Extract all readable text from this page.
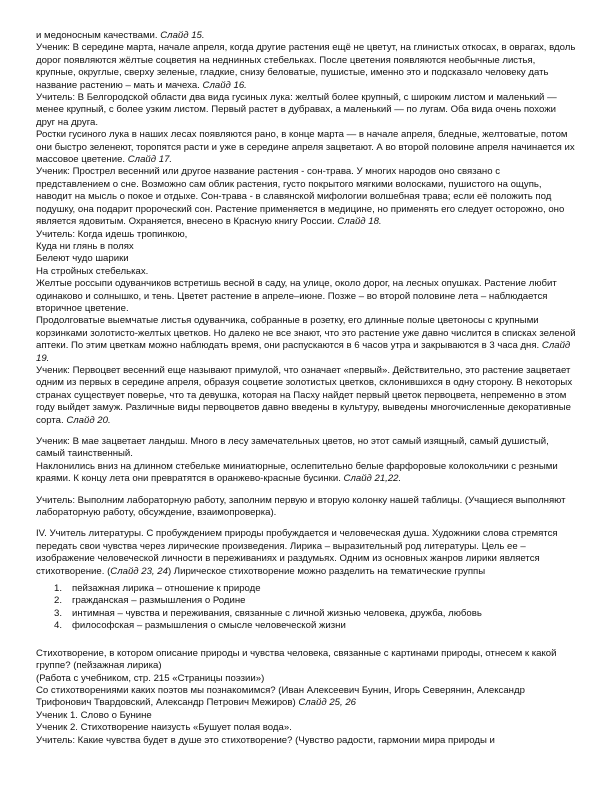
и медоносным качествами. Слайд 15.

Ученик: В середине марта, начале апреля, когда другие растения ещё не цветут, на глинистых откосах, в оврагах, вдоль дорог появляются жёлтые соцветия на неднинных стебельках. После цветения появляются необычные листья, крупные, округлые, сверху зеленые, гладкие, снизу беловатые, пушистые, именно это и подсказало человеку дать название растению – мать и мачеха. Слайд 16.

Учитель: В Белгородской области два вида гусиных лука: желтый более крупный, с широким листом и маленький — менее крупный, с более узким листом. Первый растет в дубравах, а маленький — по лугам. Оба вида очень похожи друг на друга.

Ростки гусиного лука в наших лесах появляются рано, в конце марта — в начале апреля, бледные, желтоватые, потом они быстро зеленеют, торопятся расти и уже в середине апреля зацветают. А во второй половине апреля начинается их массовое цветение. Слайд 17.

Ученик: Прострел весенний или другое название растения - сон-трава. У многих народов оно связано с представлением о сне. Возможно сам облик растения, густо покрытого мягкими волосками, пушистого на ощупь, наводит на мысль о покое и отдыхе. Сон-трава - в славянской мифологии волшебная трава; если её положить под подушку, она подарит пророческий сон. Растение применяется в медицине, но применять его следует осторожно, оно является ядовитым. Охраняется, внесено в Красную книгу России. Слайд 18.

Учитель: Когда идешь тропинкою,

Куда ни глянь в полях

Белеют чудо шарики

На стройных стебельках.

Желтые россыпи одуванчиков встретишь весной в саду, на улице, около дорог, на лесных опушках. Растение любит одинаково и солнышко, и тень. Цветет растение в апреле–июне. Позже – во второй половине лета – наблюдается вторичное цветение.

Продолговатые выемчатые листья одуванчика, собранные в розетку, его длинные полые цветоносы с крупными корзинками золотисто-желтых цветков. Но далеко не все знают, что это растение уже давно числится в списках зеленой аптеки. По этим цветкам можно наблюдать время, они распускаются в 6 часов утра и закрываются в 3 часа дня. Слайд 19.

Ученик: Первоцвет весенний еще называют примулой, что означает «первый». Действительно, это растение зацветает одним из первых в середине апреля, образуя соцветие золотистых цветков, склонившихся в одну сторону. В некоторых странах существует поверье, что та девушка, которая на Пасху найдет первый цветок первоцвета, непременно в этом году выйдет замуж. Различные виды первоцветов давно введены в культуру, выведены многочисленные декоративные сорта. Слайд 20.

Ученик: В мае зацветает ландыш. Много в лесу замечательных цветов, но этот самый изящный, самый душистый, самый таинственный.

Наклонились вниз на длинном стебельке миниатюрные, ослепительно белые фарфоровые колокольчики с резными краями. К концу лета они превратятся в оранжево-красные бусинки. Слайд 21,22.

Учитель: Выполним лабораторную работу, заполним первую и вторую колонку нашей таблицы. (Учащиеся выполняют лабораторную работу, обсуждение, взаимопроверка).

IV. Учитель литературы. С пробуждением природы пробуждается и человеческая душа. Художники слова стремятся передать свои чувства через лирические произведения. Лирика – выразительный род литературы. Цель ее – изображение человеческой личности в переживаниях и раздумьях. Одним из основных жанров лирики является стихотворение. (Слайд 23, 24) Лирическое стихотворение можно разделить на тематические группы

1.	пейзажная лирика – отношение к природе
2.	гражданская – размышления о Родине
3.	интимная – чувства и переживания, связанные с личной жизнью человека, дружба, любовь
4.	философская – размышления о смысле человеческой жизни

Стихотворение, в котором описание природы и чувства человека, связанные с картинами природы, отнесем к какой группе? (пейзажная лирика)

(Работа с учебником, стр. 215 «Страницы поэзии»)

Со стихотворениями каких поэтов мы познакомимся? (Иван Алексеевич Бунин, Игорь Северянин, Александр Трифонович Твардовский, Александр Петрович Межиров) Слайд 25, 26

Ученик 1. Слово о Бунине

Ученик 2. Стихотворение наизусть «Бушует полая вода».

Учитель: Какие чувства будет в душе это стихотворение? (Чувство радости, гармонии мира природы и
